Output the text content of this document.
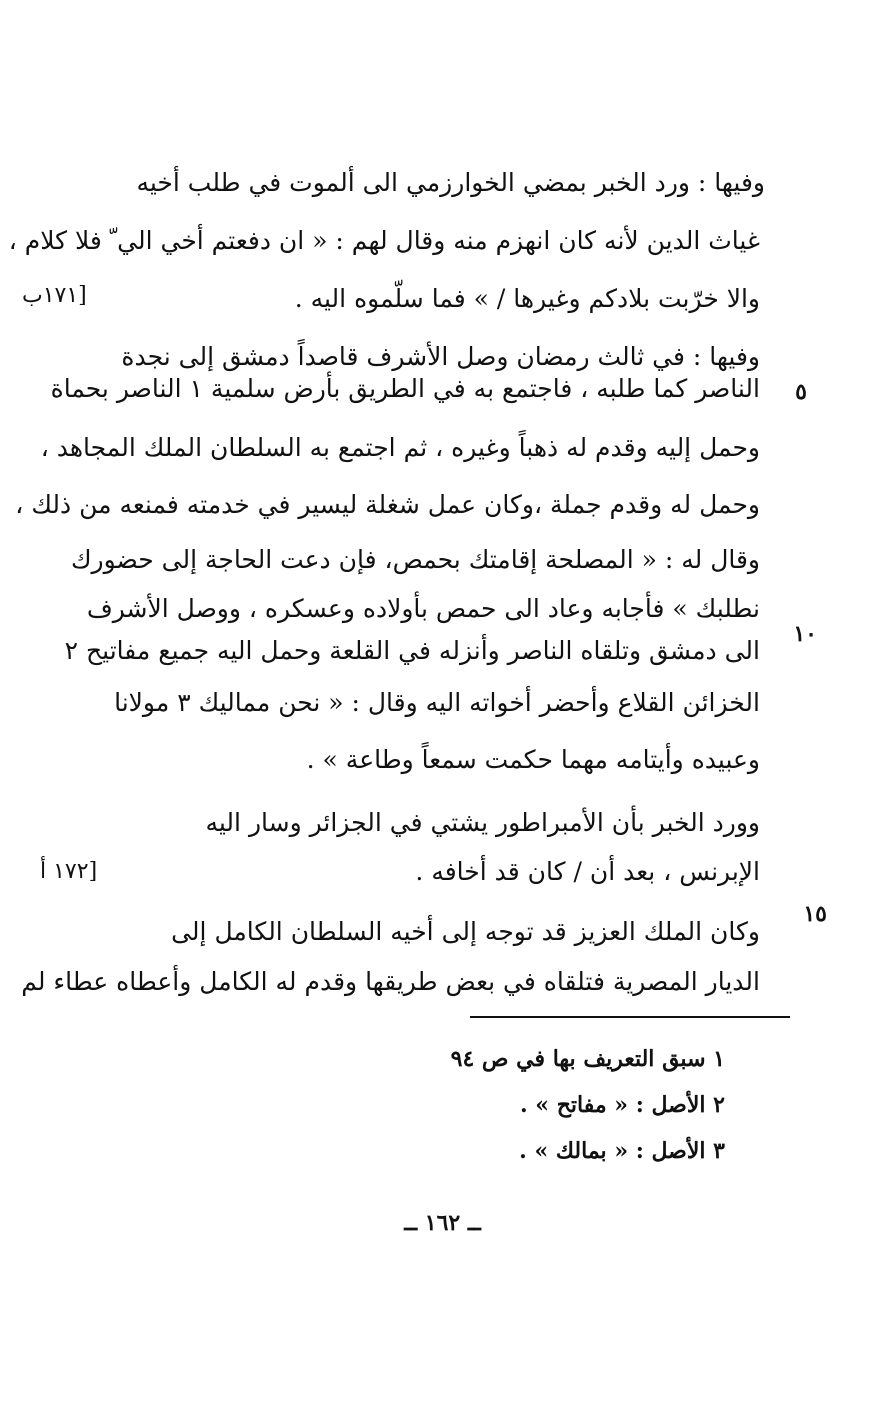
وفيها : ورد الخبر بمضي الخوارزمي الى ألموت في طلب أخيه
غياث الدين لأنه كان انهزم منه وقال لهم : « ان دفعتم أخي الي ّ فلا كلام ،
والا خرّبت بلادكم وغيرها / » فما سلّموه اليه .
[١٧١ب
وفيها : في ثالث رمضان وصل الأشرف قاصداً دمشق إلى نجدة
الناصر كما طلبه ، فاجتمع به في الطريق بأرض سلمية ١ الناصر بحماة ٥
وحمل إليه وقدم له ذهباً وغيره ، ثم اجتمع به السلطان الملك المجاهد ،
وحمل له وقدم جملة ،وكان عمل شغلة ليسير في خدمته فمنعه من ذلك ،
وقال له : « المصلحة إقامتك بحمص، فإن دعت الحاجة إلى حضورك
نطلبك » فأجابه وعاد الى حمص بأولاده وعسكره ، ووصل الأشرف
الى دمشق وتلقاه الناصر وأنزله في القلعة وحمل اليه جميع مفاتيح ٢
١٠
الخزائن القلاع وأحضر أخواته اليه وقال : « نحن مماليك ٣ مولانا
وعبيده وأيتامه مهما حكمت سمعاً وطاعة » .
وورد الخبر بأن الأمبراطور يشتي في الجزائر وسار اليه
الإبرنس ، بعد أن / كان قد أخافه .
[١٧٢ أ
وكان الملك العزيز قد توجه إلى أخيه السلطان الكامل إلى
١٥
الديار المصرية فتلقاه في بعض طريقها وقدم له الكامل وأعطاه عطاء لم
١ سبق التعريف بها في ص ٩٤
٢ الأصل : « مفاتح » .
٣ الأصل : « بمالك » .
ــ ١٦٢ ــ
